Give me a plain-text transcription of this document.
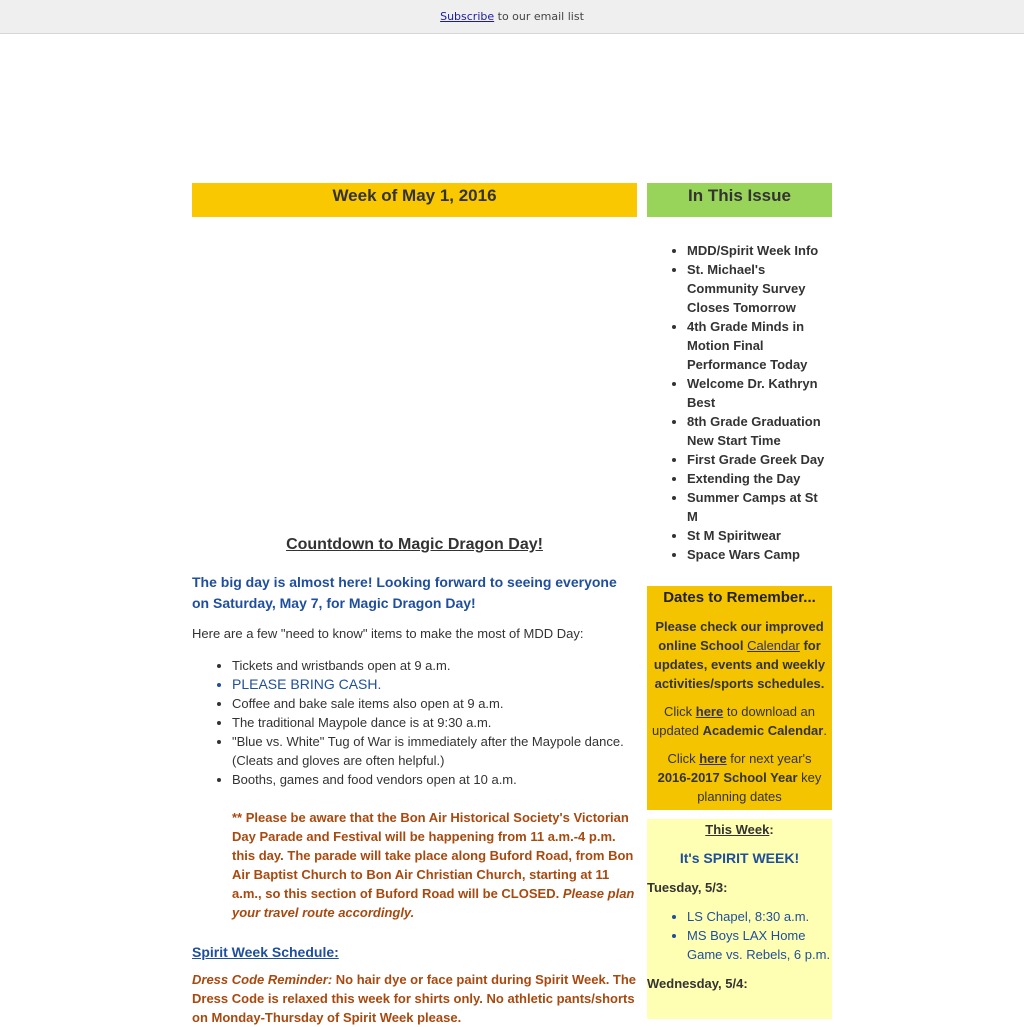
Subscribe to our email list
Week of May 1, 2016
Countdown to Magic Dragon Day!
The big day is almost here! Looking forward to seeing everyone on Saturday, May 7, for Magic Dragon Day!

Here are a few "need to know" items to make the most of MDD Day:

• Tickets and wristbands open at 9 a.m.
• PLEASE BRING CASH.
• Coffee and bake sale items also open at 9 a.m.
• The traditional Maypole dance is at 9:30 a.m.
• "Blue vs. White" Tug of War is immediately after the Maypole dance. (Cleats and gloves are often helpful.)
• Booths, games and food vendors open at 10 a.m.
** Please be aware that the Bon Air Historical Society's Victorian Day Parade and Festival will be happening from 11 a.m.-4 p.m. this day. The parade will take place along Buford Road, from Bon Air Baptist Church to Bon Air Christian Church, starting at 11 a.m., so this section of Buford Road will be CLOSED. Please plan your travel route accordingly.
Spirit Week Schedule:
Dress Code Reminder: No hair dye or face paint during Spirit Week. The Dress Code is relaxed this week for shirts only. No athletic pants/shorts on Monday-Thursday of Spirit Week please.
In This Issue
• MDD/Spirit Week Info
• St. Michael's Community Survey Closes Tomorrow
• 4th Grade Minds in Motion Final Performance Today
• Welcome Dr. Kathryn Best
• 8th Grade Graduation New Start Time
• First Grade Greek Day
• Extending the Day
• Summer Camps at St M
• St M Spiritwear
• Space Wars Camp
Dates to Remember...

Please check our improved online School Calendar for updates, events and weekly activities/sports schedules.

Click here to download an updated Academic Calendar.

Click here for next year's 2016-2017 School Year key planning dates

This Week:
It's SPIRIT WEEK!
Tuesday, 5/3:
• LS Chapel, 8:30 a.m.
• MS Boys LAX Home Game vs. Rebels, 6 p.m.
Wednesday, 5/4:
